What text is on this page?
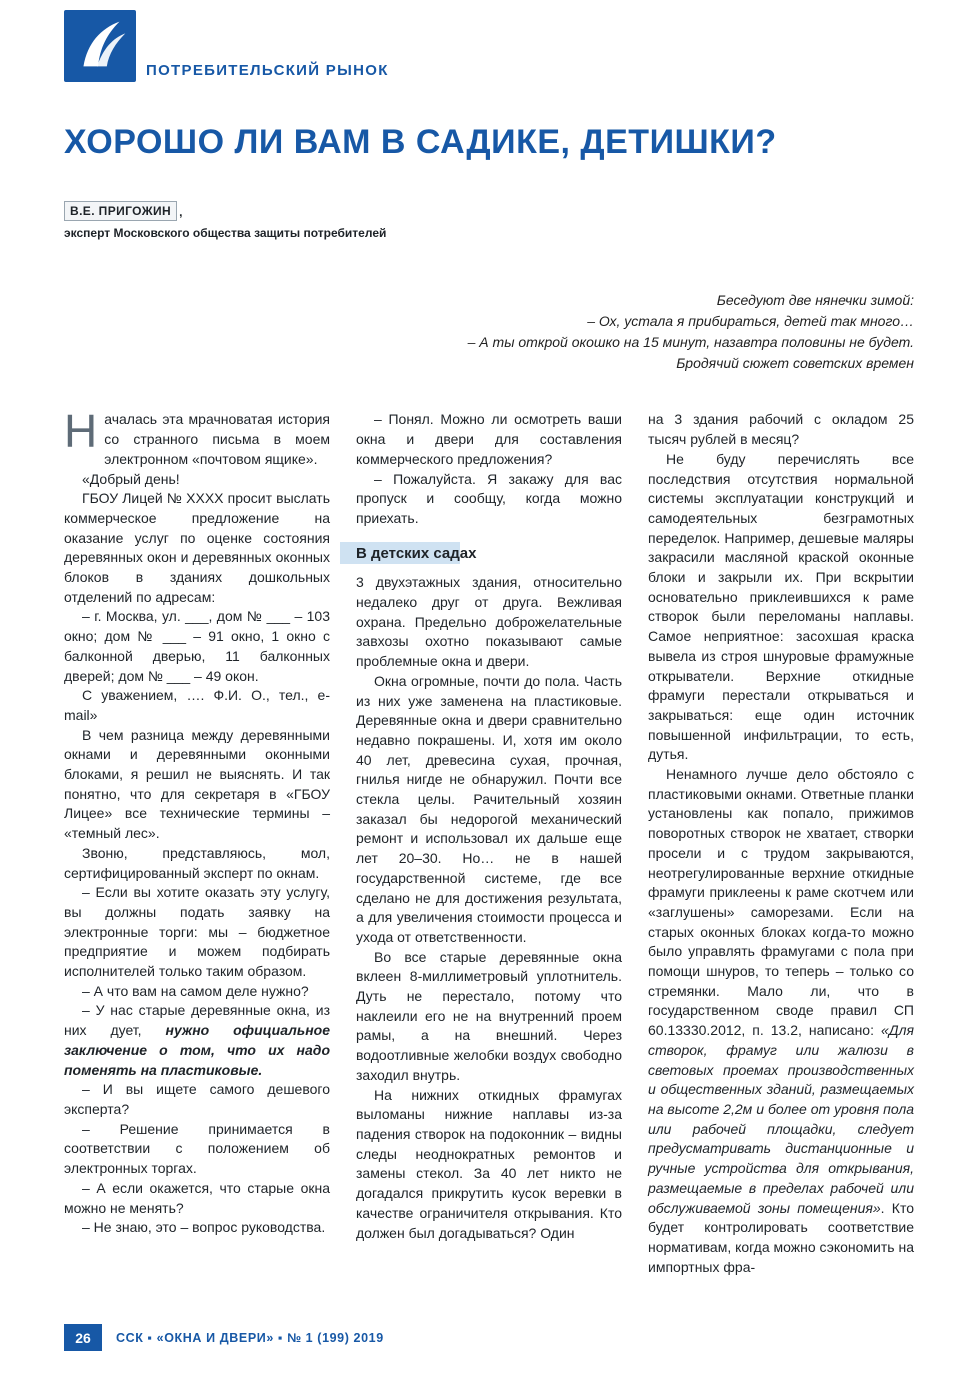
ПОТРЕБИТЕЛЬСКИЙ РЫНОК
ХОРОШО ЛИ ВАМ В САДИКЕ, ДЕТИШКИ?
В.Е. ПРИГОЖИН ,
эксперт Московского общества защиты потребителей
Беседуют две нянечки зимой:
– Ох, устала я прибираться, детей так много…
– А ты открой окошко на 15 минут, назавтра половины не будет.
Бродячий сюжет советских времен

Началась эта мрачноватая история со странного письма в моем электронном «почтовом ящике».

«Добрый день!

ГБОУ Лицей № ХХХХ просит выслать коммерческое предложение на оказание услуг по оценке состояния деревянных окон и деревянных оконных блоков в зданиях дошкольных отделений по адресам:

– г. Москва, ул. ___, дом № ___ – 103 окно; дом № ___ – 91 окно, 1 окно с балконной дверью, 11 балконных дверей; дом № ___ – 49 окон.

С уважением, …. Ф.И. О., тел., e-mail»

В чем разница между деревянными окнами и деревянными оконными блоками, я решил не выяснять. И так понятно, что для секретаря в «ГБОУ Лицее» все технические термины – «темный лес».

Звоню, представляюсь, мол, сертифицированный эксперт по окнам.

– Если вы хотите оказать эту услугу, вы должны подать заявку на электронные торги: мы – бюджетное предприятие и можем подбирать исполнителей только таким образом.

– А что вам на самом деле нужно?

– У нас старые деревянные окна, из них дует, нужно официальное заключение о том, что их надо поменять на пластиковые.

– И вы ищете самого дешевого эксперта?

– Решение принимается в соответствии с положением об электронных торгах.

– А если окажется, что старые окна можно не менять?

– Не знаю, это – вопрос руководства.

– Понял. Можно ли осмотреть ваши окна и двери для составления коммерческого предложения?

– Пожалуйста. Я закажу для вас пропуск и сообщу, когда можно приехать.

В детских садах

3 двухэтажных здания, относительно недалеко друг от друга. Вежливая охрана. Предельно доброжелательные завхозы охотно показывают самые проблемные окна и двери.

Окна огромные, почти до пола. Часть из них уже заменена на пластиковые. Деревянные окна и двери сравнительно недавно покрашены. И, хотя им около 40 лет, древесина сухая, прочная, гнилья нигде не обнаружил. Почти все стекла целы. Рачительный хозяин заказал бы недорогой механический ремонт и использовал их дальше еще лет 20–30. Но… не в нашей государственной системе, где все сделано не для достижения результата, а для увеличения стоимости процесса и ухода от ответственности.

Во все старые деревянные окна вклеен 8-миллиметровый уплотнитель. Дуть не перестало, потому что наклеили его не на внутренний проем рамы, а на внешний. Через водоотливные желобки воздух свободно заходил внутрь.

На нижних откидных фрамугах выломаны нижние наплавы из-за падения створок на подоконник – видны следы неоднократных ремонтов и замены стекол. За 40 лет никто не догадался прикрутить кусок веревки в качестве ограничителя открывания. Кто должен был догадываться? Один

на 3 здания рабочий с окладом 25 тысяч рублей в месяц?

Не буду перечислять все последствия отсутствия нормальной системы эксплуатации конструкций и самодеятельных безграмотных переделок. Например, дешевые маляры закрасили масляной краской оконные блоки и закрыли их. При вскрытии основательно приклеившихся к раме створок были переломаны наплавы. Самое неприятное: засохшая краска вывела из строя шнуровые фрамужные открыватели. Верхние откидные фрамуги перестали открываться и закрываться: еще один источник повышенной инфильтрации, то есть, дутья.

Ненамного лучше дело обстояло с пластиковыми окнами. Ответные планки установлены как попало, прижимов поворотных створок не хватает, створки просели и с трудом закрываются, неотрегулированные верхние откидные фрамуги приклеены к раме скотчем или «заглушены» саморезами. Если на старых оконных блоках когда-то можно было управлять фрамугами с пола при помощи шнуров, то теперь – только со стремянки. Мало ли, что в государственном своде правил СП 60.13330.2012, п. 13.2, написано: «Для створок, фрамуг или жалюзи в световых проемах производственных и общественных зданий, размещаемых на высоте 2,2м и более от уровня пола или рабочей площадки, следует предусматривать дистанционные и ручные устройства для открывания, размещаемые в пределах рабочей или обслуживаемой зоны помещения». Кто будет контролировать соответствие нормативам, когда можно сэкономить на импортных фра-

26	ССК ▪ «ОКНА И ДВЕРИ» ▪ № 1 (199) 2019
